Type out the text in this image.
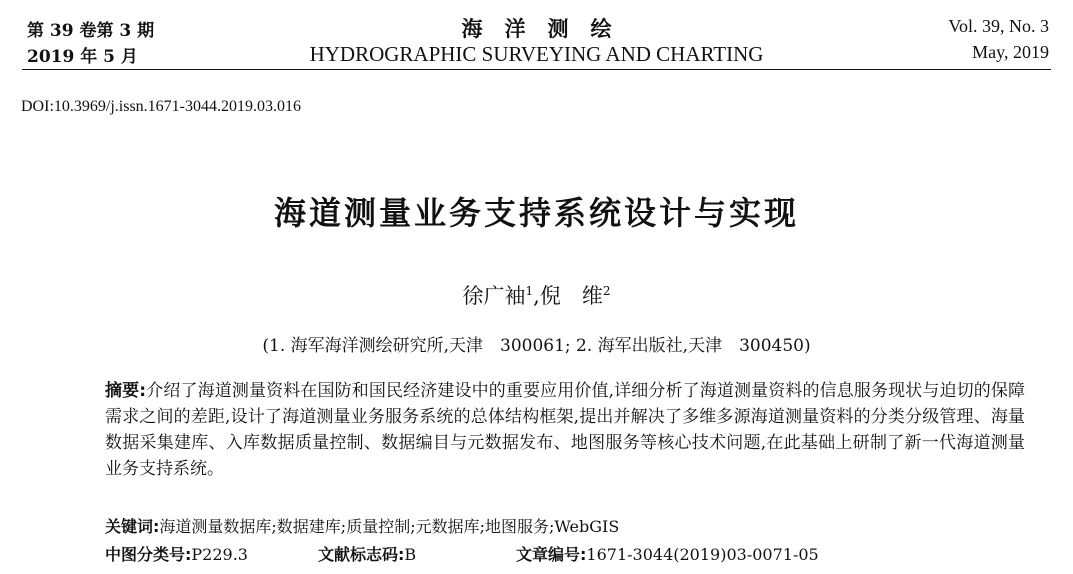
第 39 卷第 3 期
2019 年 5 月
海洋测绘
HYDROGRAPHIC SURVEYING AND CHARTING
Vol. 39, No. 3
May, 2019
DOI:10.3969/j.issn.1671-3044.2019.03.016
海道测量业务支持系统设计与实现
徐广袖$^1$,倪　维$^2$
(1. 海军海洋测绘研究所,天津　300061; 2. 海军出版社,天津　300450)
摘要:介绍了海道测量资料在国防和国民经济建设中的重要应用价值,详细分析了海道测量资料的信息服务现状与迫切的保障需求之间的差距,设计了海道测量业务服务系统的总体结构框架,提出并解决了多维多源海道测量资料的分类分级管理、海量数据采集建库、入库数据质量控制、数据编目与元数据发布、地图服务等核心技术问题,在此基础上研制了新一代海道测量业务支持系统。
关键词:海道测量数据库;数据建库;质量控制;元数据库;地图服务;WebGIS
中图分类号:P229.3	文献标志码:B	文章编号:1671-3044(2019)03-0071-05
